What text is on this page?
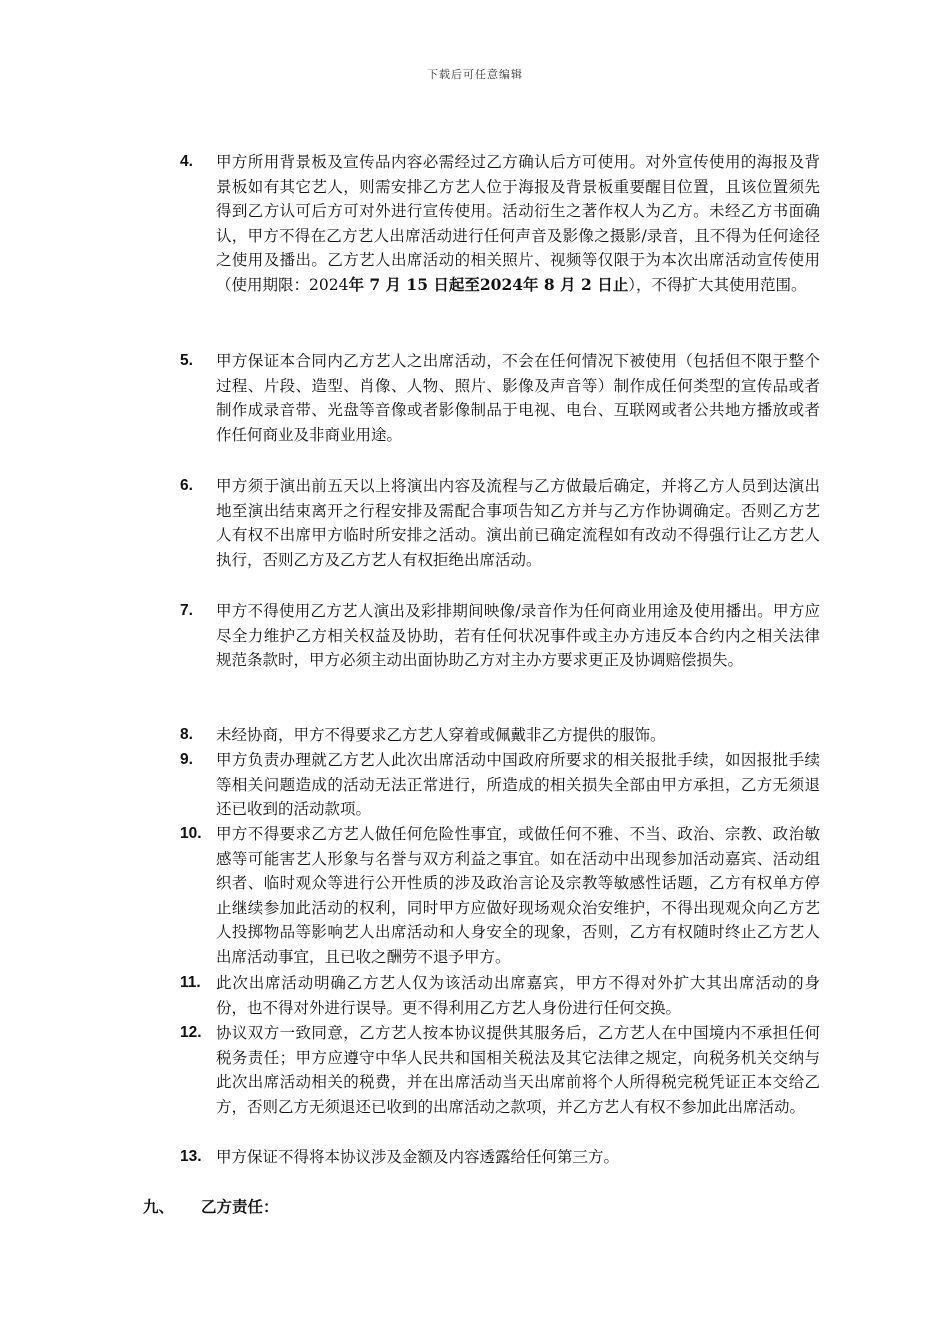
下载后可任意编辑
4.	甲方所用背景板及宣传品内容必需经过乙方确认后方可使用。对外宣传使用的海报及背景板如有其它艺人，则需安排乙方艺人位于海报及背景板重要醒目位置，且该位置须先得到乙方认可后方可对外进行宣传使用。活动衍生之著作权人为乙方。未经乙方书面确认，甲方不得在乙方艺人出席活动进行任何声音及影像之摄影/录音，且不得为任何途径之使用及播出。乙方艺人出席活动的相关照片、视频等仅限于为本次出席活动宣传使用（使用期限：2024年 7 月 15 日起至2024年 8 月 2 日止），不得扩大其使用范围。
5.	甲方保证本合同内乙方艺人之出席活动，不会在任何情况下被使用（包括但不限于整个过程、片段、造型、肖像、人物、照片、影像及声音等）制作成任何类型的宣传品或者制作成录音带、光盘等音像或者影像制品于电视、电台、互联网或者公共地方播放或者作任何商业及非商业用途。
6.	甲方须于演出前五天以上将演出内容及流程与乙方做最后确定，并将乙方人员到达演出地至演出结束离开之行程安排及需配合事项告知乙方并与乙方作协调确定。否则乙方艺人有权不出席甲方临时所安排之活动。演出前已确定流程如有改动不得强行让乙方艺人执行，否则乙方及乙方艺人有权拒绝出席活动。
7.	甲方不得使用乙方艺人演出及彩排期间映像/录音作为任何商业用途及使用播出。甲方应尽全力维护乙方相关权益及协助，若有任何状况事件或主办方违反本合约内之相关法律规范条款时，甲方必须主动出面协助乙方对主办方要求更正及协调赔偿损失。
8.	未经协商，甲方不得要求乙方艺人穿着或佩戴非乙方提供的服饰。
9.	甲方负责办理就乙方艺人此次出席活动中国政府所要求的相关报批手续，如因报批手续等相关问题造成的活动无法正常进行，所造成的相关损失全部由甲方承担，乙方无须退还已收到的活动款项。
10. 甲方不得要求乙方艺人做任何危险性事宜，或做任何不雅、不当、政治、宗教、政治敏感等可能害艺人形象与名誉与双方利益之事宜。如在活动中出现参加活动嘉宾、活动组织者、临时观众等进行公开性质的涉及政治言论及宗教等敏感性话题，乙方有权单方停止继续参加此活动的权利，同时甲方应做好现场观众治安维护，不得出现观众向乙方艺人投掷物品等影响艺人出席活动和人身安全的现象，否则，乙方有权随时终止乙方艺人出席活动事宜，且已收之酬劳不退予甲方。
11. 此次出席活动明确乙方艺人仅为该活动出席嘉宾，甲方不得对外扩大其出席活动的身份，也不得对外进行误导。更不得利用乙方艺人身份进行任何交换。
12. 协议双方一致同意，乙方艺人按本协议提供其服务后，乙方艺人在中国境内不承担任何税务责任；甲方应遵守中华人民共和国相关税法及其它法律之规定，向税务机关交纳与此次出席活动相关的税费，并在出席活动当天出席前将个人所得税完税凭证正本交给乙方，否则乙方无须退还已收到的出席活动之款项，并乙方艺人有权不参加此出席活动。
13. 甲方保证不得将本协议涉及金额及内容透露给任何第三方。
九、 乙方责任：
